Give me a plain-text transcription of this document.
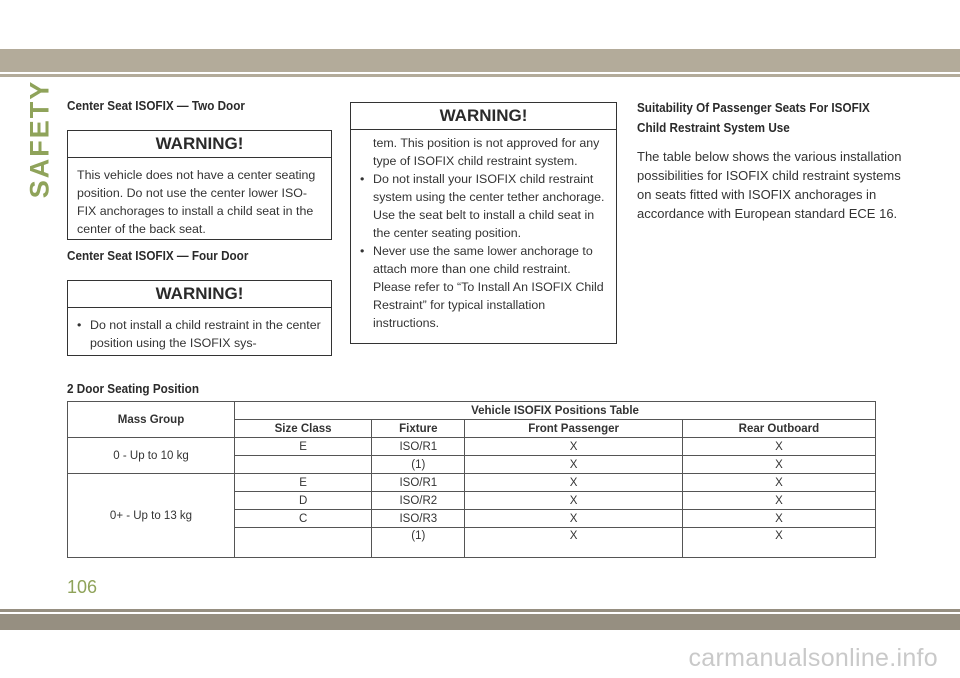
SAFETY Center Seat ISOFIX — Two Door
WARNING!

This vehicle does not have a center seating position. Do not use the center lower ISO-FIX anchorages to install a child seat in the center of the back seat.

Center Seat ISOFIX — Four Door
WARNING!
• Do not install a child restraint in the center position using the ISOFIX sys-
WARNING!

tem. This position is not approved for any type of ISOFIX child restraint system.

• Do not install your ISOFIX child restraint system using the center tether anchorage. Use the seat belt to install a child seat in the center seating position.
• Never use the same lower anchorage to attach more than one child restraint. Please refer to “To Install An ISOFIX Child Restraint” for typical installation instructions.
Suitability Of Passenger Seats For ISOFIX
Child Restraint System Use

The table below shows the various installation possibilities for ISOFIX child restraint systems on seats fitted with ISOFIX anchorages in accordance with European standard ECE 16.

2 Door Seating Position
Mass Group	Vehicle ISOFIX Positions Table			
	Size Class	Fixture	Front Passenger	Rear Outboard
0 - Up to 10 kg	E	ISO/R1	X	X
		(1)	X	X
0+ - Up to 13 kg	E	ISO/R1	X	X
	D	ISO/R2	X	X
	C	ISO/R3	X	X
		(1)	X	X
106
carmanualsonline.info
